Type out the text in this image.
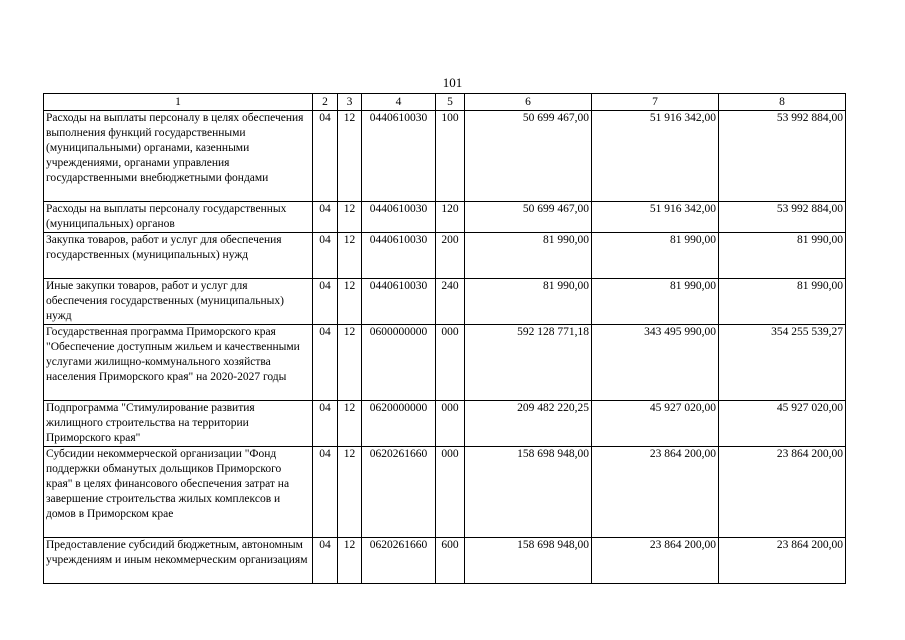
101
1	2	3	4	5	6	7	8
Расходы на выплаты персоналу в целях обеспечения выполнения функций государственными (муниципальными) органами, казенными учреждениями, органами управления государственными внебюджетными фондами	04	12	0440610030	100	50 699 467,00	51 916 342,00	53 992 884,00
Расходы на выплаты персоналу государственных (муниципальных) органов	04	12	0440610030	120	50 699 467,00	51 916 342,00	53 992 884,00
Закупка товаров, работ и услуг для обеспечения государственных (муниципальных) нужд	04	12	0440610030	200	81 990,00	81 990,00	81 990,00
Иные закупки товаров, работ и услуг для обеспечения государственных (муниципальных) нужд	04	12	0440610030	240	81 990,00	81 990,00	81 990,00
Государственная программа Приморского края "Обеспечение доступным жильем и качественными услугами жилищно-коммунального хозяйства населения Приморского края" на 2020-2027 годы	04	12	0600000000	000	592 128 771,18	343 495 990,00	354 255 539,27
Подпрограмма "Стимулирование развития жилищного строительства на территории Приморского края"	04	12	0620000000	000	209 482 220,25	45 927 020,00	45 927 020,00
Субсидии некоммерческой организации "Фонд поддержки обманутых дольщиков Приморского края" в целях финансового обеспечения затрат на завершение строительства жилых комплексов и домов в Приморском крае	04	12	0620261660	000	158 698 948,00	23 864 200,00	23 864 200,00
Предоставление субсидий бюджетным, автономным учреждениям и иным некоммерческим организациям	04	12	0620261660	600	158 698 948,00	23 864 200,00	23 864 200,00
